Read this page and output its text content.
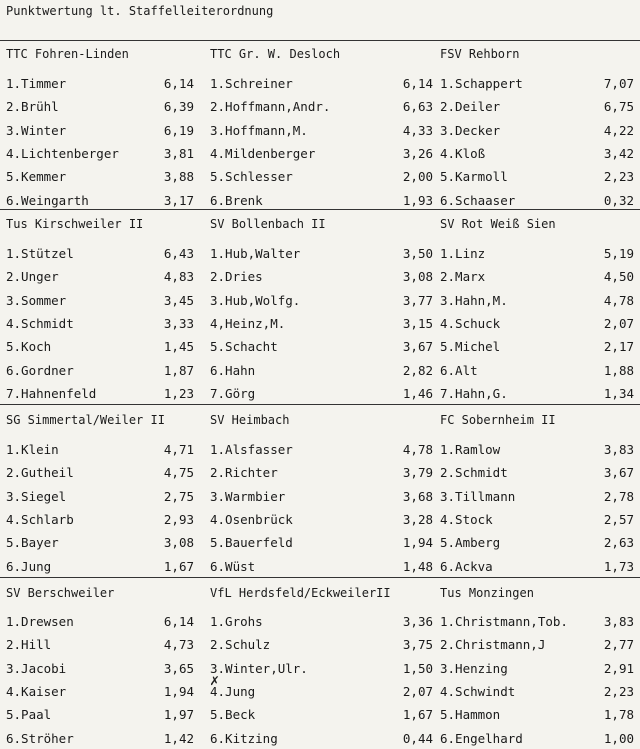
Punktwertung lt. Staffelleiterordnung
TTC Fohren-Linden
1.Timmer	6,14
2.Brühl	6,39
3.Winter	6,19
4.Lichtenberger	3,81
5.Kemmer	3,88
6.Weingarth	3,17
TTC Gr. W. Desloch
1.Schreiner	6,14
2.Hoffmann,Andr.	6,63
3.Hoffmann,M.	4,33
4.Mildenberger	3,26
5.Schlesser	2,00
6.Brenk	1,93
FSV Rehborn
1.Schappert	7,07
2.Deiler	6,75
3.Decker	4,22
4.Kloß	3,42
5.Karmoll	2,23
6.Schaaser	0,32
Tus Kirschweiler II
1.Stützel	6,43
2.Unger	4,83
3.Sommer	3,45
4.Schmidt	3,33
5.Koch	1,45
6.Gordner	1,87
7.Hahnenfeld	1,23
SV Bollenbach II
1.Hub,Walter	3,50
2.Dries	3,08
3.Hub,Wolfg.	3,77
4,Heinz,M.	3,15
5.Schacht	3,67
6.Hahn	2,82
7.Görg	1,46
SV Rot Weiß Sien
1.Linz	5,19
2.Marx	4,50
3.Hahn,M.	4,78
4.Schuck	2,07
5.Michel	2,17
6.Alt	1,88
7.Hahn,G.	1,34
SG Simmertal/Weiler II
1.Klein	4,71
2.Gutheil	4,75
3.Siegel	2,75
4.Schlarb	2,93
5.Bayer	3,08
6.Jung	1,67
SV Heimbach
1.Alsfasser	4,78
2.Richter	3,79
3.Warmbier	3,68
4.Osenbrück	3,28
5.Bauerfeld	1,94
6.Wüst	1,48
FC Sobernheim II
1.Ramlow	3,83
2.Schmidt	3,67
3.Tillmann	2,78
4.Stock	2,57
5.Amberg	2,63
6.Ackva	1,73
SV Berschweiler
1.Drewsen	6,14
2.Hill	4,73
3.Jacobi	3,65
4.Kaiser	1,94
5.Paal	1,97
6.Ströher	1,42
VfL Herdsfeld/EckweilerII
1.Grohs	3,36
2.Schulz	3,75
3.Winter,Ulr.	1,50
4.Jung	2,07
5.Beck	1,67
6.Kitzing	0,44
Tus Monzingen
1.Christmann,Tob.	3,83
2.Christmann,J	2,77
3.Henzing	2,91
4.Schwindt	2,23
5.Hammon	1,78
6.Engelhard	1,00
✗
